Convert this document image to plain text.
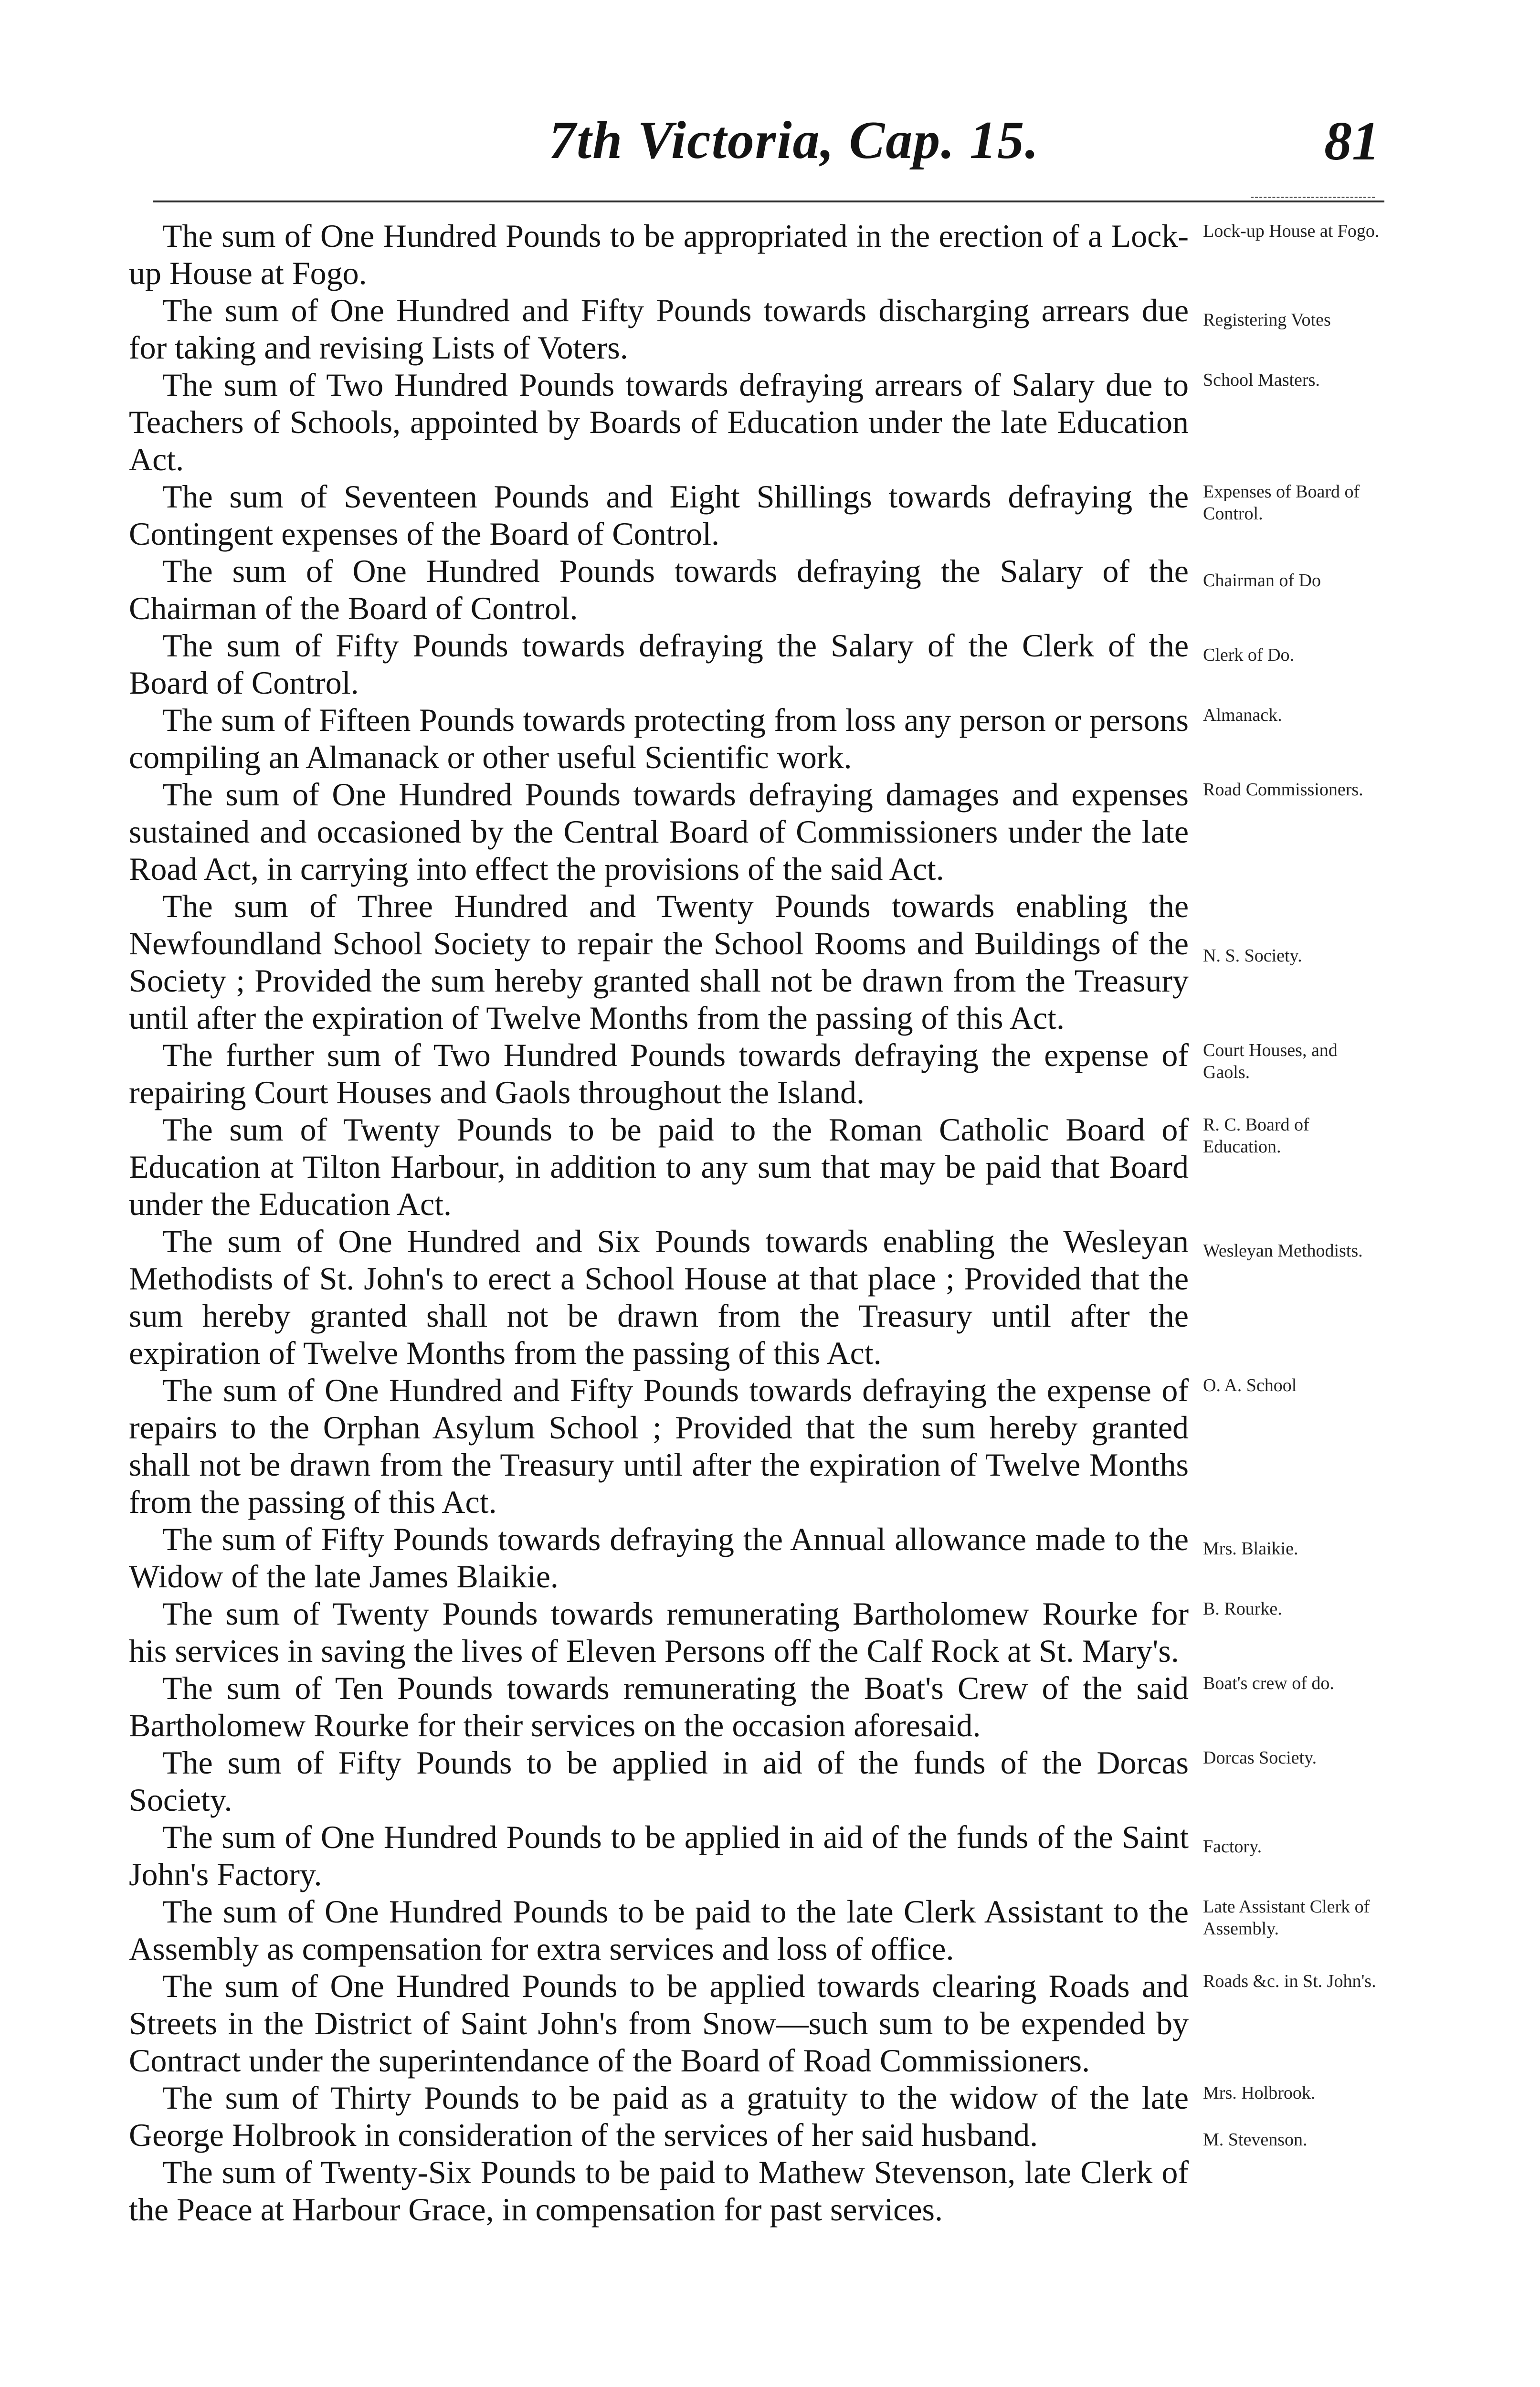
7th Victoria, Cap. 15.	81

The sum of One Hundred Pounds to be appropriated in the erection of a Lock-up House at Fogo.

Lock-up House at Fogo.

The sum of One Hundred and Fifty Pounds towards discharging arrears due for taking and revising Lists of Voters.

Registering Votes

The sum of Two Hundred Pounds towards defraying arrears of Salary due to Teachers of Schools, appointed by Boards of Education under the late Education Act.

School Masters.

The sum of Seventeen Pounds and Eight Shillings towards defraying the Contingent expenses of the Board of Control.

Expenses of Board of Control.

The sum of One Hundred Pounds towards defraying the Salary of the Chairman of the Board of Control.

Chairman of Do

The sum of Fifty Pounds towards defraying the Salary of the Clerk of the Board of Control.

Clerk of Do.

The sum of Fifteen Pounds towards protecting from loss any person or persons compiling an Almanack or other useful Scientific work.

Almanack.

The sum of One Hundred Pounds towards defraying damages and expenses sustained and occasioned by the Central Board of Commissioners under the late Road Act, in carrying into effect the provisions of the said Act.

Road Commissioners.

The sum of Three Hundred and Twenty Pounds towards enabling the Newfoundland School Society to repair the School Rooms and Buildings of the Society ; Provided the sum hereby granted shall not be drawn from the Treasury until after the expiration of Twelve Months from the passing of this Act.

N. S. Society.

The further sum of Two Hundred Pounds towards defraying the expense of repairing Court Houses and Gaols throughout the Island.

Court Houses, and Gaols.

The sum of Twenty Pounds to be paid to the Roman Catholic Board of Education at Tilton Harbour, in addition to any sum that may be paid that Board under the Education Act.

R. C. Board of Education.

The sum of One Hundred and Six Pounds towards enabling the Wesleyan Methodists of St. John's to erect a School House at that place ; Provided that the sum hereby granted shall not be drawn from the Treasury until after the expiration of Twelve Months from the passing of this Act.

Wesleyan Methodists.

The sum of One Hundred and Fifty Pounds towards defraying the expense of repairs to the Orphan Asylum School ; Provided that the sum hereby granted shall not be drawn from the Treasury until after the expiration of Twelve Months from the passing of this Act.

O. A. School

The sum of Fifty Pounds towards defraying the Annual allowance made to the Widow of the late James Blaikie.

Mrs. Blaikie.

The sum of Twenty Pounds towards remunerating Bartholomew Rourke for his services in saving the lives of Eleven Persons off the Calf Rock at St. Mary's.

B. Rourke.

The sum of Ten Pounds towards remunerating the Boat's Crew of the said Bartholomew Rourke for their services on the occasion aforesaid.

Boat's crew of do.

The sum of Fifty Pounds to be applied in aid of the funds of the Dorcas Society.

Dorcas Society.

The sum of One Hundred Pounds to be applied in aid of the funds of the Saint John's Factory.

Factory.

The sum of One Hundred Pounds to be paid to the late Clerk Assistant to the Assembly as compensation for extra services and loss of office.

Late Assistant Clerk of Assembly.

The sum of One Hundred Pounds to be applied towards clearing Roads and Streets in the District of Saint John's from Snow—such sum to be expended by Contract under the superintendance of the Board of Road Commissioners.

Roads &c. in St. John's.

The sum of Thirty Pounds to be paid as a gratuity to the widow of the late George Holbrook in consideration of the services of her said husband.

Mrs. Holbrook.

The sum of Twenty-Six Pounds to be paid to Mathew Stevenson, late Clerk of the Peace at Harbour Grace, in compensation for past services.

M. Stevenson.
